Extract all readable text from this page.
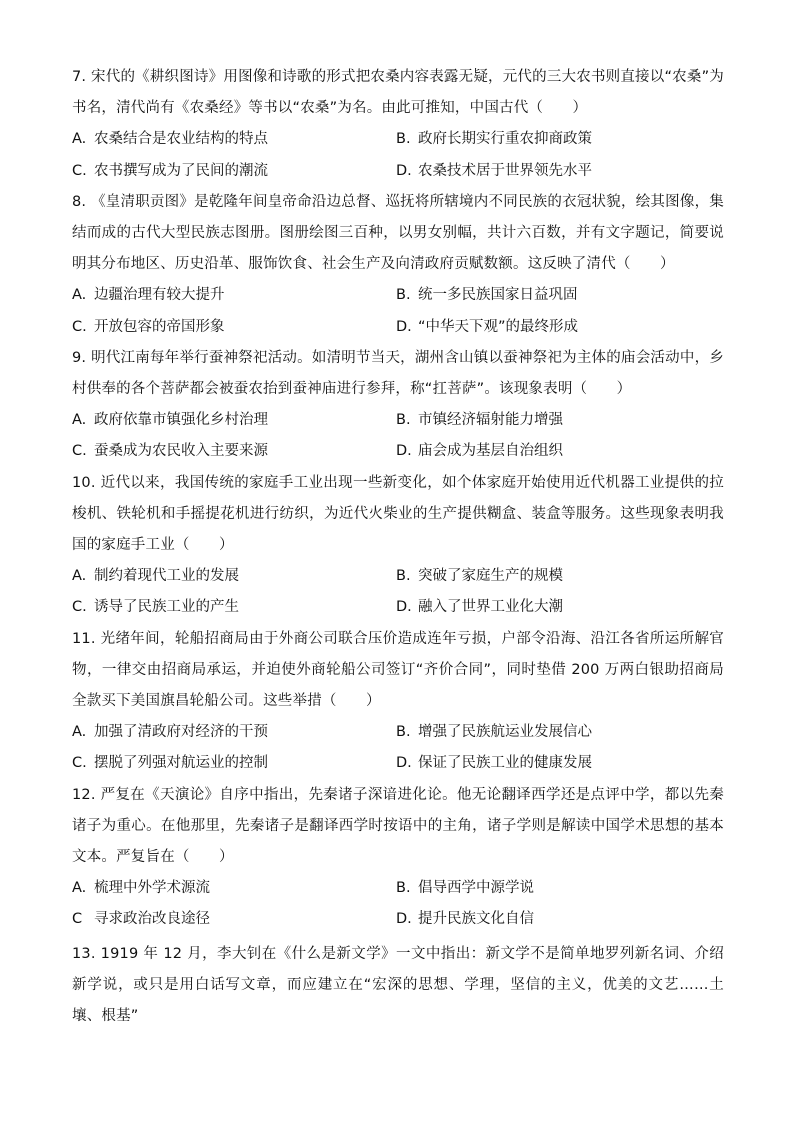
7. 宋代的《耕织图诗》用图像和诗歌的形式把农桑内容表露无疑，元代的三大农书则直接以“农桑”为书名，清代尚有《农桑经》等书以“农桑”为名。由此可推知，中国古代（　　）

A. 农桑结合是农业结构的特点	B. 政府长期实行重农抑商政策
C. 农书撰写成为了民间的潮流	D. 农桑技术居于世界领先水平

8. 《皇清职贡图》是乾隆年间皇帝命沿边总督、巡抚将所辖境内不同民族的衣冠状貌，绘其图像，集结而成的古代大型民族志图册。图册绘图三百种，以男女别幅，共计六百数，并有文字题记，简要说明其分布地区、历史沿革、服饰饮食、社会生产及向清政府贡赋数额。这反映了清代（　　）

A. 边疆治理有较大提升	B. 统一多民族国家日益巩固
C. 开放包容的帝国形象	D. “中华天下观”的最终形成

9. 明代江南每年举行蚕神祭祀活动。如清明节当天，湖州含山镇以蚕神祭祀为主体的庙会活动中，乡村供奉的各个菩萨都会被蚕农抬到蚕神庙进行参拜，称“扛菩萨”。该现象表明（　　）

A. 政府依靠市镇强化乡村治理	B. 市镇经济辐射能力增强
C. 蚕桑成为农民收入主要来源	D. 庙会成为基层自治组织

10. 近代以来，我国传统的家庭手工业出现一些新变化，如个体家庭开始使用近代机器工业提供的拉梭机、铁轮机和手摇提花机进行纺织，为近代火柴业的生产提供糊盒、装盒等服务。这些现象表明我国的家庭手工业（　　）

A. 制约着现代工业的发展	B. 突破了家庭生产的规模
C. 诱导了民族工业的产生	D. 融入了世界工业化大潮

11. 光绪年间，轮船招商局由于外商公司联合压价造成连年亏损，户部令沿海、沿江各省所运所解官物，一律交由招商局承运，并迫使外商轮船公司签订“齐价合同”，同时垫借 200 万两白银助招商局全款买下美国旗昌轮船公司。这些举措（　　）

A. 加强了清政府对经济的干预	B. 增强了民族航运业发展信心
C. 摆脱了列强对航运业的控制	D. 保证了民族工业的健康发展

12. 严复在《天演论》自序中指出，先秦诸子深谙进化论。他无论翻译西学还是点评中学，都以先秦诸子为重心。在他那里，先秦诸子是翻译西学时按语中的主角，诸子学则是解读中国学术思想的基本文本。严复旨在（　　）

A. 梳理中外学术源流	B. 倡导西学中源学说
C 寻求政治改良途径	D. 提升民族文化自信

13. 1919 年 12 月，李大钊在《什么是新文学》一文中指出：新文学不是简单地罗列新名词、介绍新学说，或只是用白话写文章，而应建立在“宏深的思想、学理，坚信的主义，优美的文艺……土壤、根基”
